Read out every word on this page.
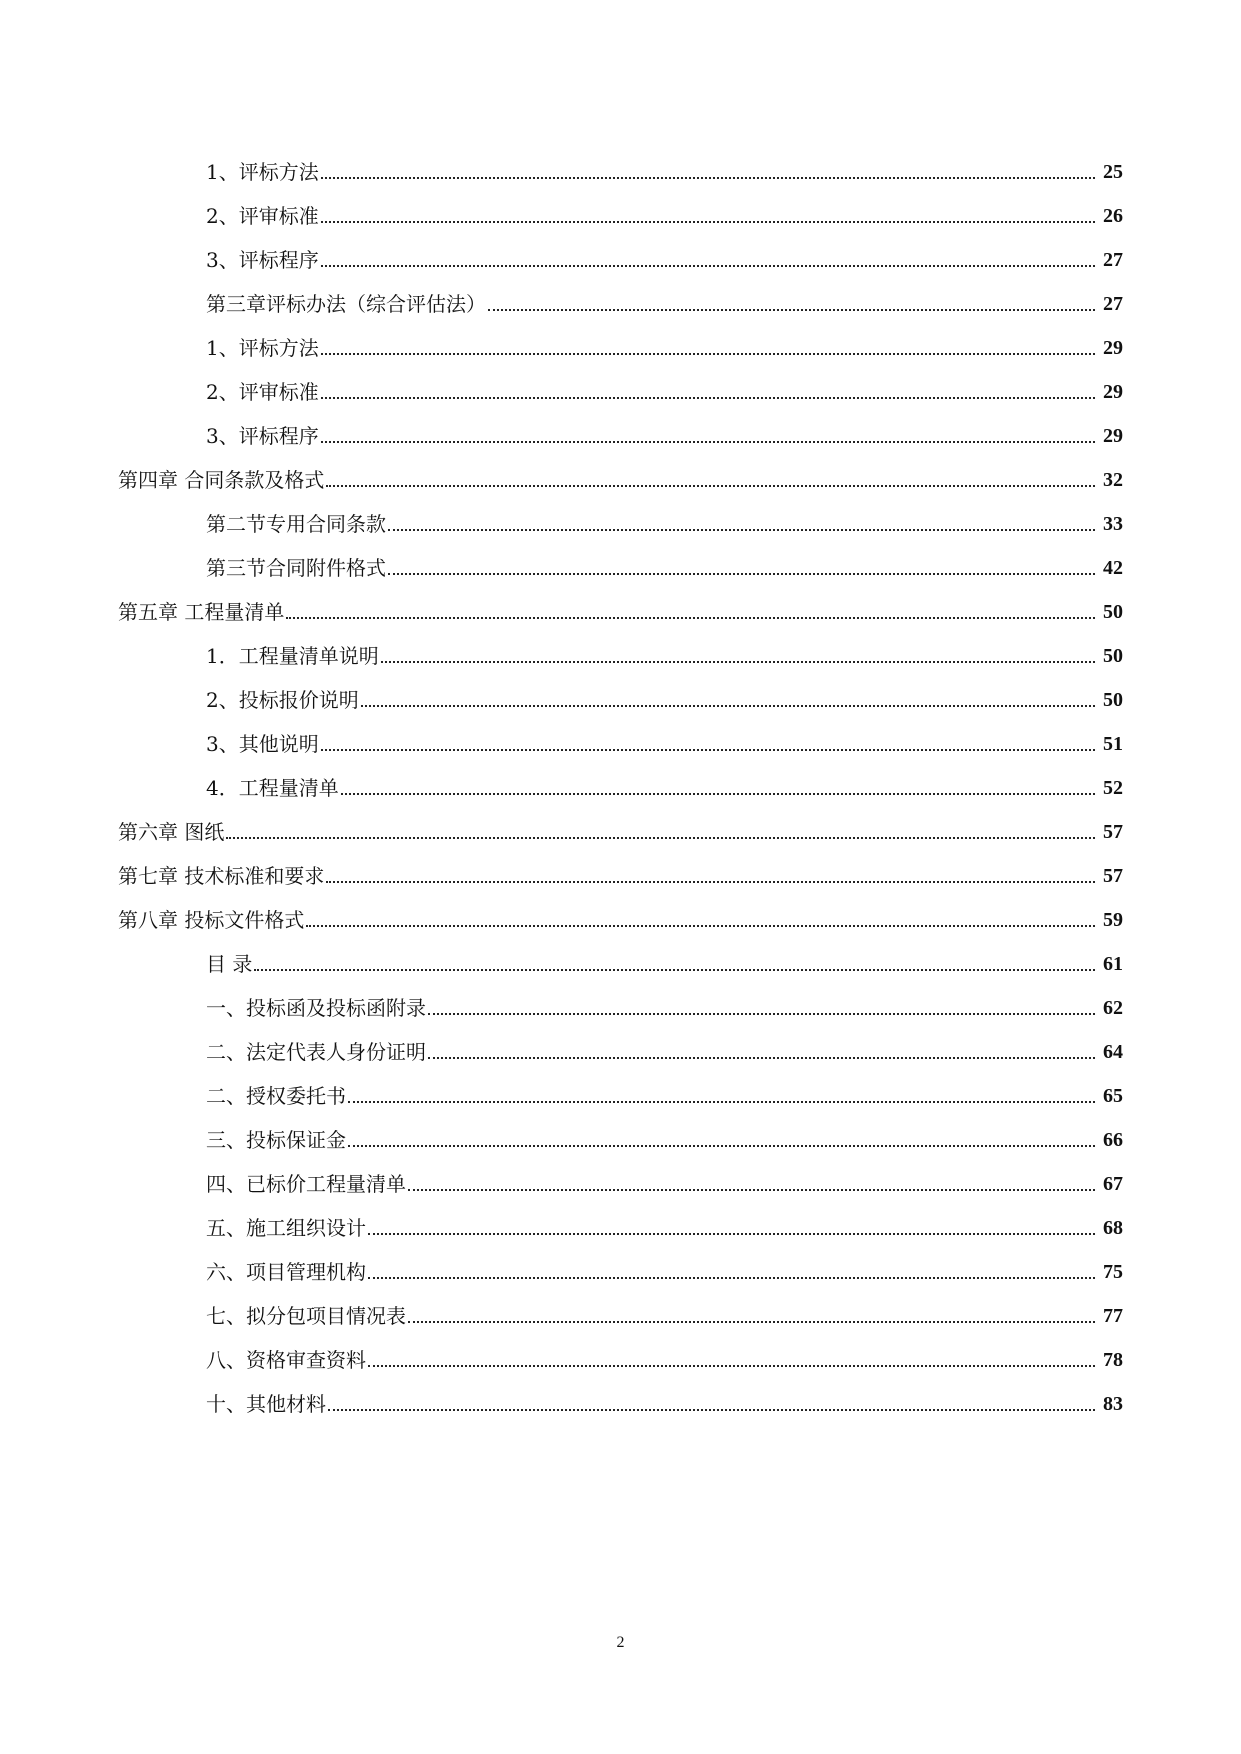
1、评标方法	25
2、评审标准	26
3、评标程序	27
第三章评标办法（综合评估法）	27
1、评标方法	29
2、评审标准	29
3、评标程序	29
第四章 合同条款及格式	32
第二节专用合同条款	33
第三节合同附件格式	42
第五章 工程量清单	50
1．工程量清单说明	50
2、投标报价说明	50
3、其他说明	51
4．工程量清单	52
第六章 图纸	57
第七章 技术标准和要求	57
第八章 投标文件格式	59
目 录	61
一、投标函及投标函附录	62
二、法定代表人身份证明	64
二、授权委托书	65
三、投标保证金	66
四、已标价工程量清单	67
五、施工组织设计	68
六、项目管理机构	75
七、拟分包项目情况表	77
八、资格审查资料	78
十、其他材料	83
2
